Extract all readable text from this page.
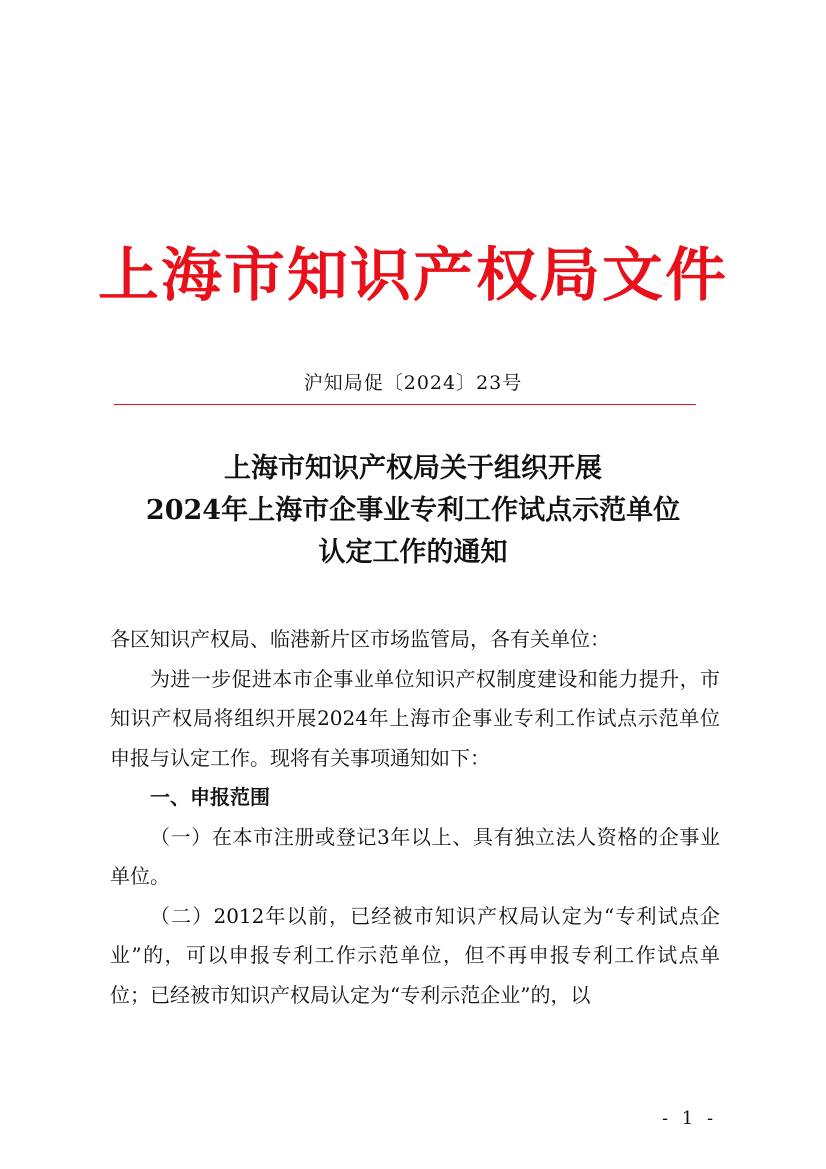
上海市知识产权局文件
沪知局促〔2024〕23号
上海市知识产权局关于组织开展
2024年上海市企事业专利工作试点示范单位
认定工作的通知

各区知识产权局、临港新片区市场监管局，各有关单位：

为进一步促进本市企事业单位知识产权制度建设和能力提升，市知识产权局将组织开展2024年上海市企事业专利工作试点示范单位申报与认定工作。现将有关事项通知如下：

一、申报范围

（一）在本市注册或登记3年以上、具有独立法人资格的企事业单位。

（二）2012年以前，已经被市知识产权局认定为“专利试点企业”的，可以申报专利工作示范单位，但不再申报专利工作试点单位；已经被市知识产权局认定为“专利示范企业”的，以

- 1 -
